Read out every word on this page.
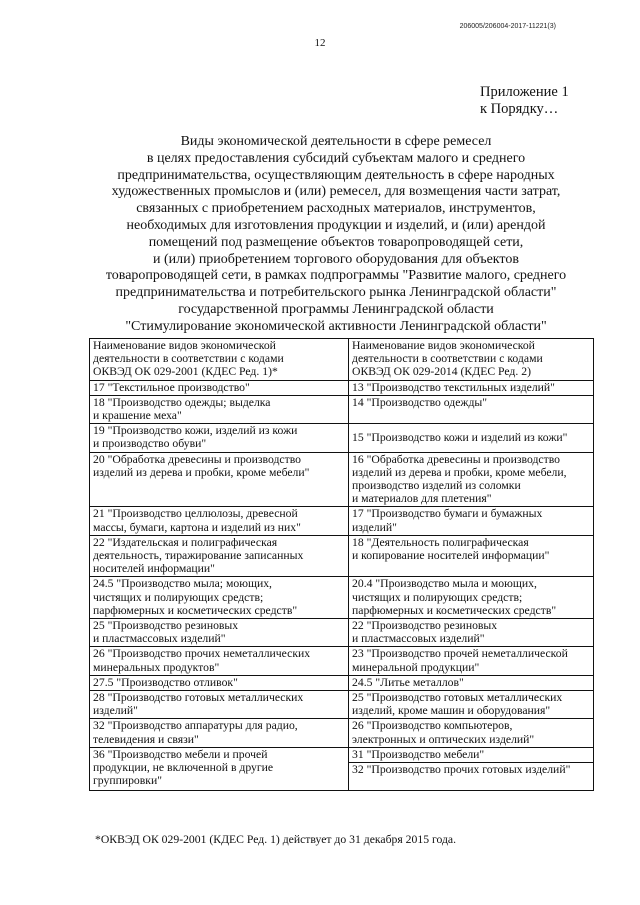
206005/206004-2017-11221(3)
12
Приложение 1
к Порядку…
Виды экономической деятельности в сфере ремесел
в целях предоставления субсидий субъектам малого и среднего
предпринимательства, осуществляющим деятельность в сфере народных
художественных промыслов и (или) ремесел, для возмещения части затрат,
связанных с приобретением расходных материалов, инструментов,
необходимых для изготовления продукции и изделий, и (или) арендой
помещений под размещение объектов товаропроводящей сети,
и (или) приобретением торгового оборудования для объектов
товаропроводящей сети, в рамках подпрограммы "Развитие малого, среднего
предпринимательства и потребительского рынка Ленинградской области"
государственной программы Ленинградской области
"Стимулирование экономической активности Ленинградской области"
Наименование видов экономической
деятельности в соответствии с кодами
ОКВЭД ОК 029-2001 (КДЕС Ред. 1)*	Наименование видов экономической
деятельности в соответствии с кодами
ОКВЭД ОК 029-2014 (КДЕС Ред. 2)

17 "Текстильное производство"	13 "Производство текстильных изделий"

18 "Производство одежды; выделка
и крашение меха"	14 "Производство одежды"

19 "Производство кожи, изделий из кожи
и производство обуви"	15 "Производство кожи и изделий из кожи"

20 "Обработка древесины и производство
изделий из дерева и пробки, кроме мебели"	16 "Обработка древесины и производство
изделий из дерева и пробки, кроме мебели,
производство изделий из соломки
и материалов для плетения"

21 "Производство целлюлозы, древесной
массы, бумаги, картона и изделий из них"	17 "Производство бумаги и бумажных
изделий"

22 "Издательская и полиграфическая
деятельность, тиражирование записанных
носителей информации"	18 "Деятельность полиграфическая
и копирование носителей информации"

24.5 "Производство мыла; моющих,
чистящих и полирующих средств;
парфюмерных и косметических средств"	20.4 "Производство мыла и моющих,
чистящих и полирующих средств;
парфюмерных и косметических средств"

25 "Производство резиновых
и пластмассовых изделий"	22 "Производство резиновых
и пластмассовых изделий"

26 "Производство прочих неметаллических
минеральных продуктов"	23 "Производство прочей неметаллической
минеральной продукции"

27.5 "Производство отливок"	24.5 "Литье металлов"

28 "Производство готовых металлических
изделий"	25 "Производство готовых металлических
изделий, кроме машин и оборудования"

32 "Производство аппаратуры для радио,
телевидения и связи"	26 "Производство компьютеров,
электронных и оптических изделий"

36 "Производство мебели и прочей
продукции, не включенной в другие
группировки"	31 "Производство мебели"

	32 "Производство прочих готовых изделий"
*ОКВЭД ОК 029-2001 (КДЕС Ред. 1) действует до 31 декабря 2015 года.
